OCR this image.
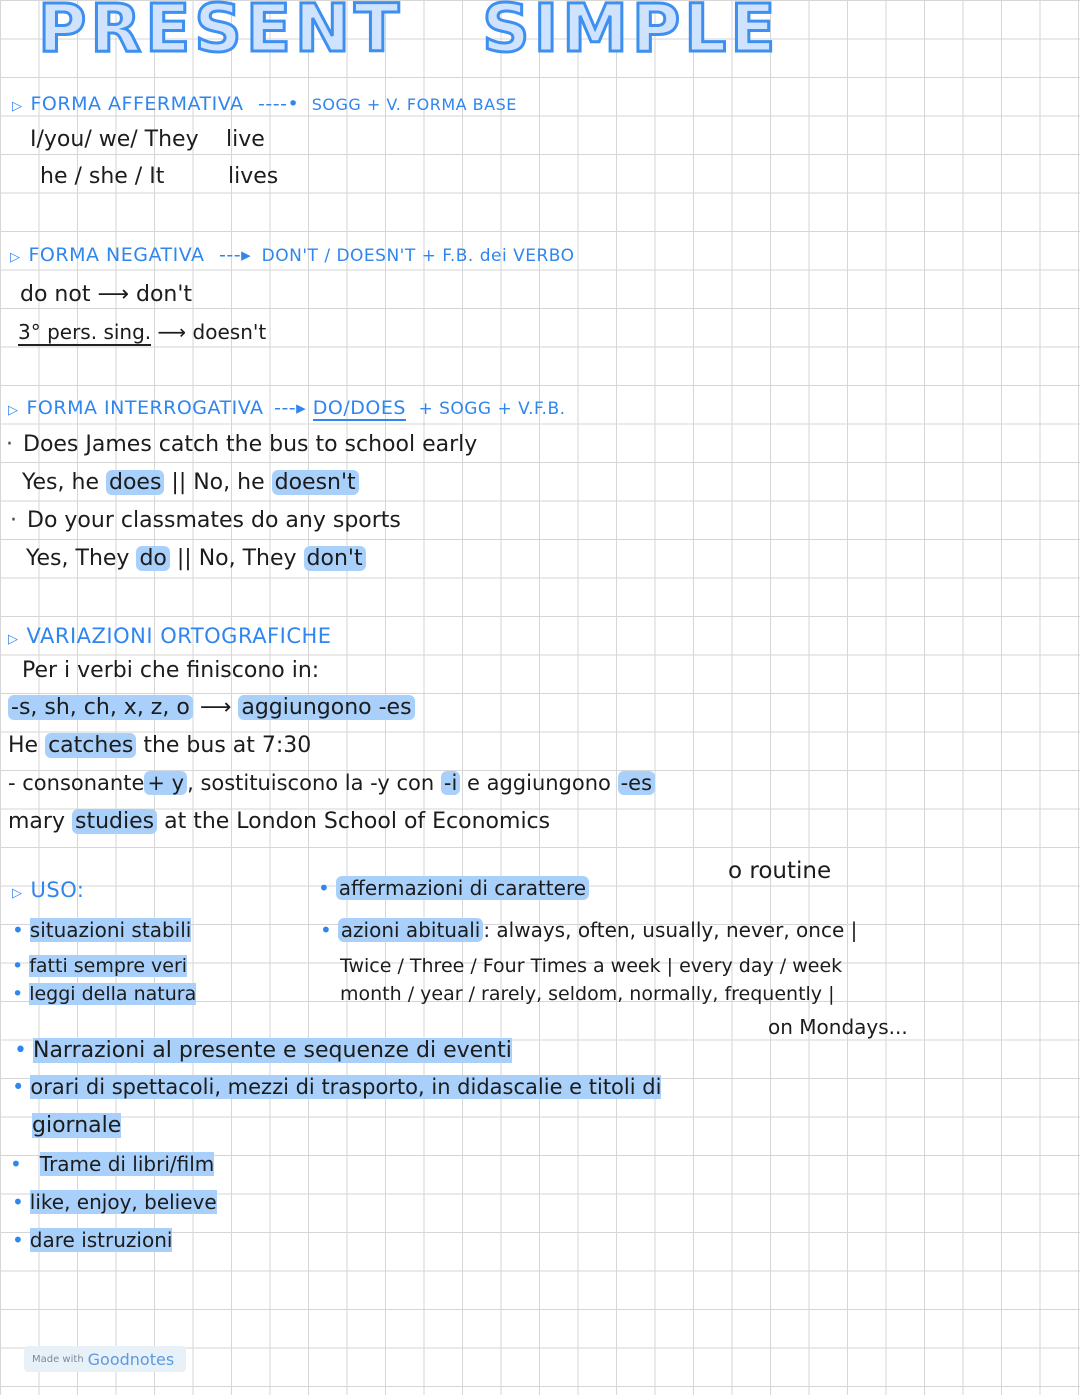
PRESENT SIMPLE
▷ FORMA AFFERMATIVA ----• SOGG + V. FORMA BASE
I/you/ we/ They live
he / she / It	lives
▷ FORMA NEGATIVA ---▸ DON'T / DOESN'T + F.B. dei VERBO
do not ⟶ don't
3° pers. sing. ⟶ doesn't
▷ FORMA INTERROGATIVA ---▸ DO/DOES + SOGG + V.F.B.
· Does James catch the bus to school early
Yes, he does || No, he doesn't
· Do your classmates do any sports
Yes, They do || No, They don't
▷ VARIAZIONI ORTOGRAFICHE
Per i verbi che finiscono in:
-s, sh, ch, x, z, o ⟶ aggiungono -es
He catches the bus at 7:30
- consonante + y , sostituiscono la -y con -i e aggiungono -es
mary studies at the London School of Economics
▷ USO:
• situazioni stabili
• fatti sempre veri
• leggi della natura
• affermazioni di carattere
o routine
• azioni abituali : always, often, usually, never, once |
Twice / Three / Four Times a week | every day / week
month / year / rarely, seldom, normally, frequently |
on Mondays...
• Narrazioni al presente e sequenze di eventi
• orari di spettacoli, mezzi di trasporto, in didascalie e titoli di
giornale
• Trame di libri/film
• like, enjoy, believe
• dare istruzioni
Made with Goodnotes
